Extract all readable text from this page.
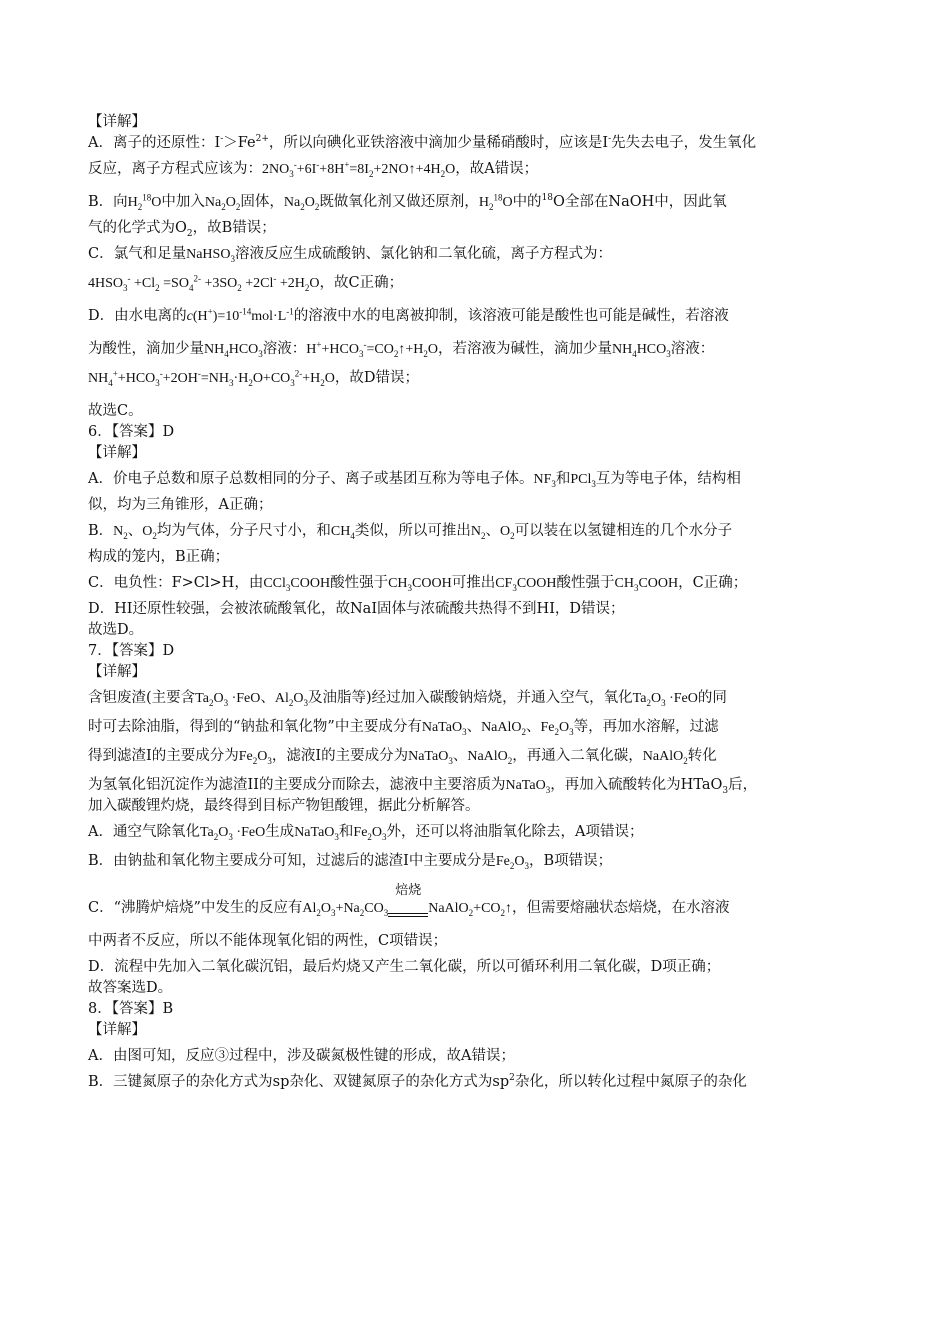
【详解】
A．离子的还原性：$I^->Fe^{2+}$，所以向碘化亚铁溶液中滴加少量稀硝酸时，应该是I-先失去电子，发生氧化
反应，离子方程式应该为：$2NO_3^-+6I^-+8H^+=8I_2+2NO↑+4H_2O$，故A错误；
B．向$H_2^{18}O$中加入$Na_2O_2$固体，$Na_2O_2$既做氧化剂又做还原剂，$H_2^{18}O$中的$^{18}$O全部在NaOH中，因此氧
气的化学式为$O_2$，故B错误；
C．氯气和足量NaHSO$_3$溶液反应生成硫酸钠、氯化钠和二氧化硫，离子方程式为：
$4HSO_3^- +Cl_2 =SO_4^{2-} +3SO_2 +2Cl^- +2H_2O$，故C正确；
D．由水电离的$c(H^+)=10^{-14}mol\cdot L^{-1}$的溶液中水的电离被抑制，该溶液可能是酸性也可能是碱性，若溶液
为酸性，滴加少量$NH_4HCO_3$溶液：$H^++HCO_3^-=CO_2↑+H_2O$，若溶液为碱性，滴加少量$NH_4HCO_3$溶液：
$NH_4^++HCO_3^-+2OH^-=NH_3\cdot H_2O+CO_3^{2-}+H_2O$，故D错误；
故选C。
6．【答案】D
【详解】
A．价电子总数和原子总数相同的分子、离子或基团互称为等电子体。$NF_3$和PCl$_3$互为等电子体，结构相
似，均为三角锥形，A正确；
B．$N_2$、$O_2$均为气体，分子尺寸小，和$CH_4$类似，所以可推出$N_2$、$O_2$可以装在以氢键相连的几个水分子
构成的笼内，B正确；
C．电负性：F>Cl>H，由CCl$_3$COOH酸性强于$CH_3COOH$可推出$CF_3COOH$酸性强于$CH_3COOH$，C正确；
D．HI还原性较强，会被浓硫酸氧化，故NaI固体与浓硫酸共热得不到HI，D错误；
故选D。
7．【答案】D
【详解】
含钽废渣(主要含$Ta_2O_3 \cdot FeO$、$Al_2O_3$及油脂等)经过加入碳酸钠焙烧，并通入空气，氧化$Ta_2O_3 \cdot FeO$的同
时可去除油脂，得到的“钠盐和氧化物”中主要成分有NaTaO$_3$、NaAlO$_2$、$Fe_2O_3$等，再加水溶解，过滤
得到滤渣I的主要成分为$Fe_2O_3$，滤液I的主要成分为NaTaO$_3$、NaAlO$_2$，再通入二氧化碳，NaAlO$_2$转化
为氢氧化铝沉淀作为滤渣II的主要成分而除去，滤液中主要溶质为NaTaO$_3$，再加入硫酸转化为HTaO$_3$后，
加入碳酸锂灼烧，最终得到目标产物钽酸锂，据此分析解答。
A．通空气除氧化$Ta_2O_3 \cdot FeO$生成NaTaO$_3$和$Fe_2O_3$外，还可以将油脂氧化除去，A项错误；
B．由钠盐和氧化物主要成分可知，过滤后的滤渣I中主要成分是$Fe_2O_3$，B项错误；
C．“沸腾炉焙烧”中发生的反应有$Al_2O_3+Na_2CO_3$
焙烧

$NaAlO_2+CO_2↑$，但需要熔融状态焙烧，在水溶液
中两者不反应，所以不能体现氧化铝的两性，C项错误；
D．流程中先加入二氧化碳沉铝，最后灼烧又产生二氧化碳，所以可循环利用二氧化碳，D项正确；
故答案选D。
8．【答案】B
【详解】
A．由图可知，反应③过程中，涉及碳氮极性键的形成，故A错误；
B．三键氮原子的杂化方式为sp杂化、双键氮原子的杂化方式为$sp^2$杂化，所以转化过程中氮原子的杂化
